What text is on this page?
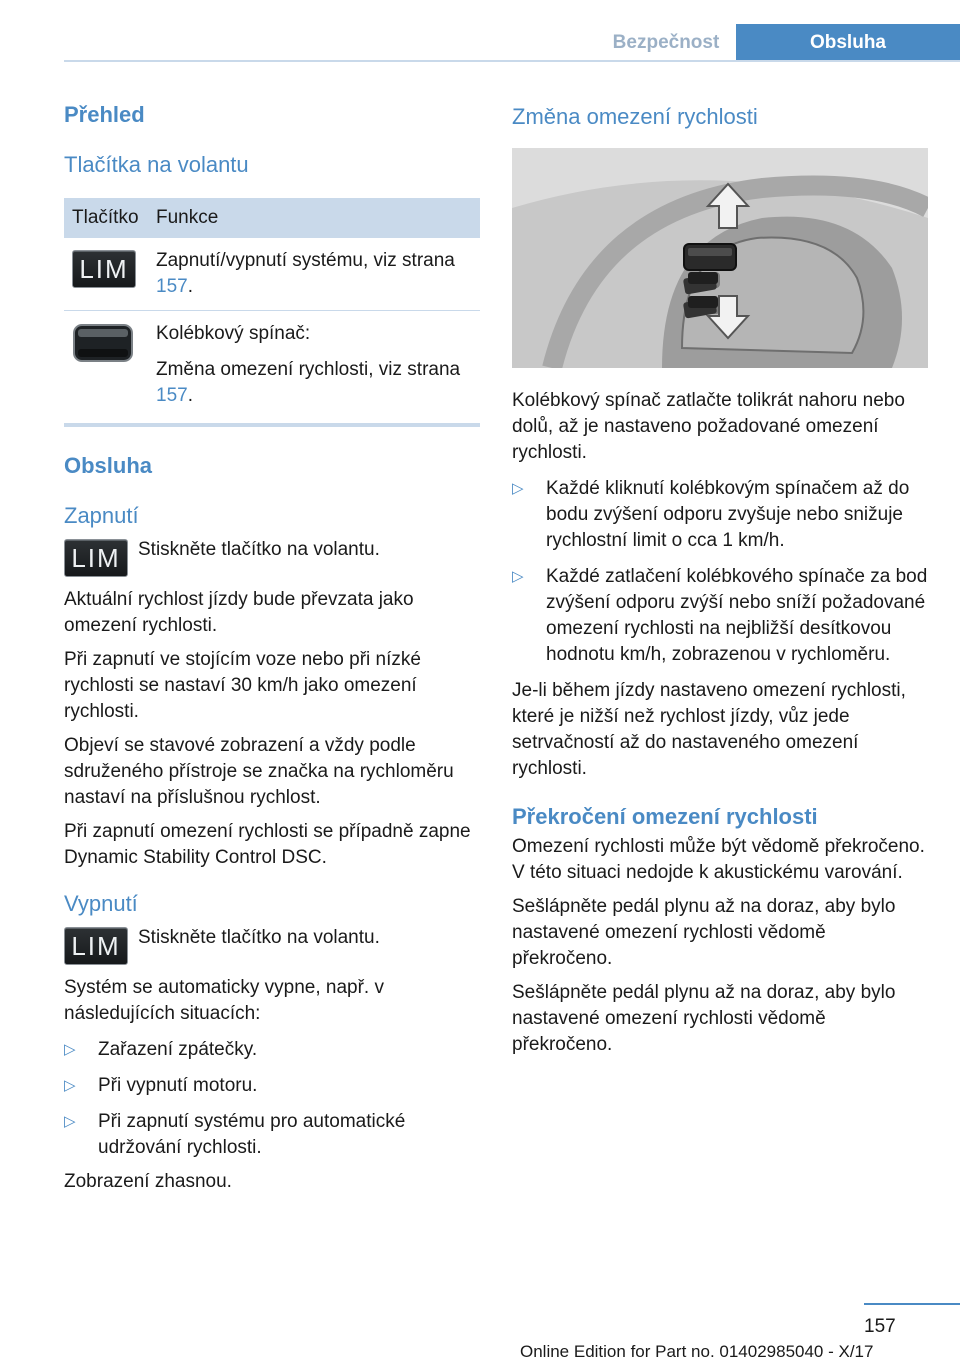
Bezpečnost	Obsluha
Přehled
Tlačítka na volantu
Tlačítko	Funkce

LIM	Zapnutí/vypnutí systému, viz strana 157.

Kolébkový spínač:
Změna omezení rychlosti, viz strana 157.
Obsluha
Zapnutí
LIM Stiskněte tlačítko na volantu.

Aktuální rychlost jízdy bude převzata jako omezení rychlosti.

Při zapnutí ve stojícím voze nebo při nízké rychlosti se nastaví 30 km/h jako omezení rychlosti.

Objeví se stavové zobrazení a vždy podle sdruženého přístroje se značka na rychloměru nastaví na příslušnou rychlost.

Při zapnutí omezení rychlosti se případně zapne Dynamic Stability Control DSC.

Vypnutí
LIM Stiskněte tlačítko na volantu.

Systém se automaticky vypne, např. v následujících situacích:

▷ Zařazení zpátečky.
▷ Při vypnutí motoru.
▷ Při zapnutí systému pro automatické udržování rychlosti.

Zobrazení zhasnou.

Změna omezení rychlosti

Kolébkový spínač zatlačte tolikrát nahoru nebo dolů, až je nastaveno požadované omezení rychlosti.

▷ Každé kliknutí kolébkovým spínačem až do bodu zvýšení odporu zvyšuje nebo snižuje rychlostní limit o cca 1 km/h.
▷ Každé zatlačení kolébkového spínače za bod zvýšení odporu zvýší nebo sníží požadované omezení rychlosti na nejbližší desítkovou hodnotu km/h, zobrazenou v rychloměru.

Je-li během jízdy nastaveno omezení rychlosti, které je nižší než rychlost jízdy, vůz jede setrvačností až do nastaveného omezení rychlosti.

Překročení omezení rychlosti

Omezení rychlosti může být vědomě překročeno. V této situaci nedojde k akustickému varování.

Sešlápněte pedál plynu až na doraz, aby bylo nastavené omezení rychlosti vědomě překročeno.

Sešlápněte pedál plynu až na doraz, aby bylo nastavené omezení rychlosti vědomě překročeno.

157
Online Edition for Part no. 01402985040 - X/17
